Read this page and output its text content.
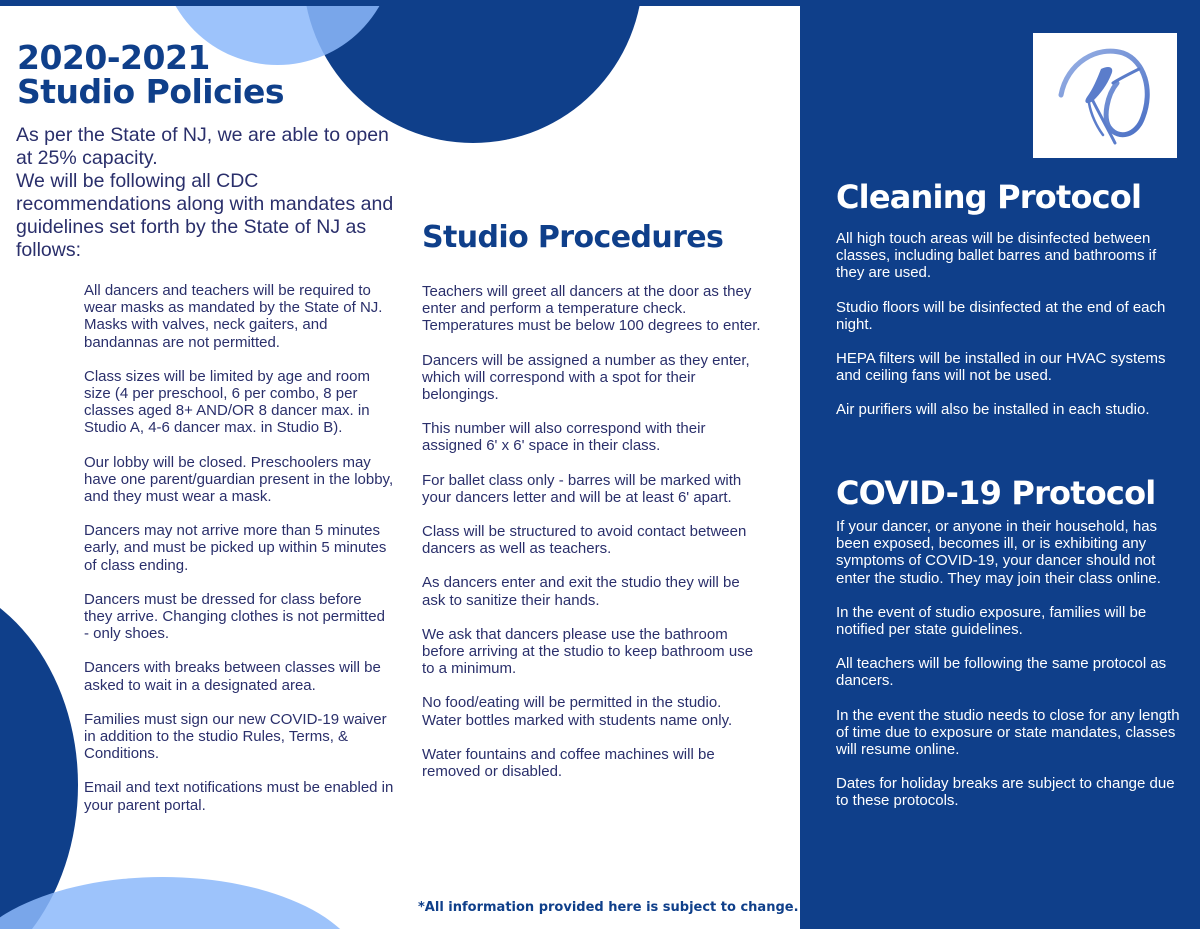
2020-2021
Studio Policies
As per the State of NJ, we are able to open at 25% capacity.
We will be following all CDC recommendations along with mandates and guidelines set forth by the State of NJ as follows:

All dancers and teachers will be required to wear masks as mandated by the State of NJ. Masks with valves, neck gaiters, and bandannas are not permitted.

Class sizes will be limited by age and room size (4 per preschool, 6 per combo, 8 per classes aged 8+ AND/OR 8 dancer max. in Studio A, 4-6 dancer max. in Studio B).

Our lobby will be closed. Preschoolers may have one parent/guardian present in the lobby, and they must wear a mask.

Dancers may not arrive more than 5 minutes early, and must be picked up within 5 minutes of class ending.

Dancers must be dressed for class before they arrive. Changing clothes is not permitted - only shoes.

Dancers with breaks between classes will be asked to wait in a designated area.

Families must sign our new COVID-19 waiver in addition to the studio Rules, Terms, & Conditions.

Email and text notifications must be enabled in your parent portal.

Studio Procedures

Teachers will greet all dancers at the door as they enter and perform a temperature check. Temperatures must be below 100 degrees to enter.

Dancers will be assigned a number as they enter, which will correspond with a spot for their belongings.

This number will also correspond with their assigned 6' x 6' space in their class.

For ballet class only - barres will be marked with your dancers letter and will be at least 6' apart.

Class will be structured to avoid contact between dancers as well as teachers.

As dancers enter and exit the studio they will be ask to sanitize their hands.

We ask that dancers please use the bathroom before arriving at the studio to keep bathroom use to a minimum.

No food/eating will be permitted in the studio. Water bottles marked with students name only.

Water fountains and coffee machines will be removed or disabled.

*All information provided here is subject to change.
Cleaning Protocol
COVID-19 Protocol

All high touch areas will be disinfected between classes, including ballet barres and bathrooms if they are used.

Studio floors will be disinfected at the end of each night.

HEPA filters will be installed in our HVAC systems and ceiling fans will not be used.

Air purifiers will also be installed in each studio.

If your dancer, or anyone in their household, has been exposed, becomes ill, or is exhibiting any symptoms of COVID-19, your dancer should not enter the studio. They may join their class online.

In the event of studio exposure, families will be notified per state guidelines.

All teachers will be following the same protocol as dancers.

In the event the studio needs to close for any length of time due to exposure or state mandates, classes will resume online.

Dates for holiday breaks are subject to change due to these protocols.
